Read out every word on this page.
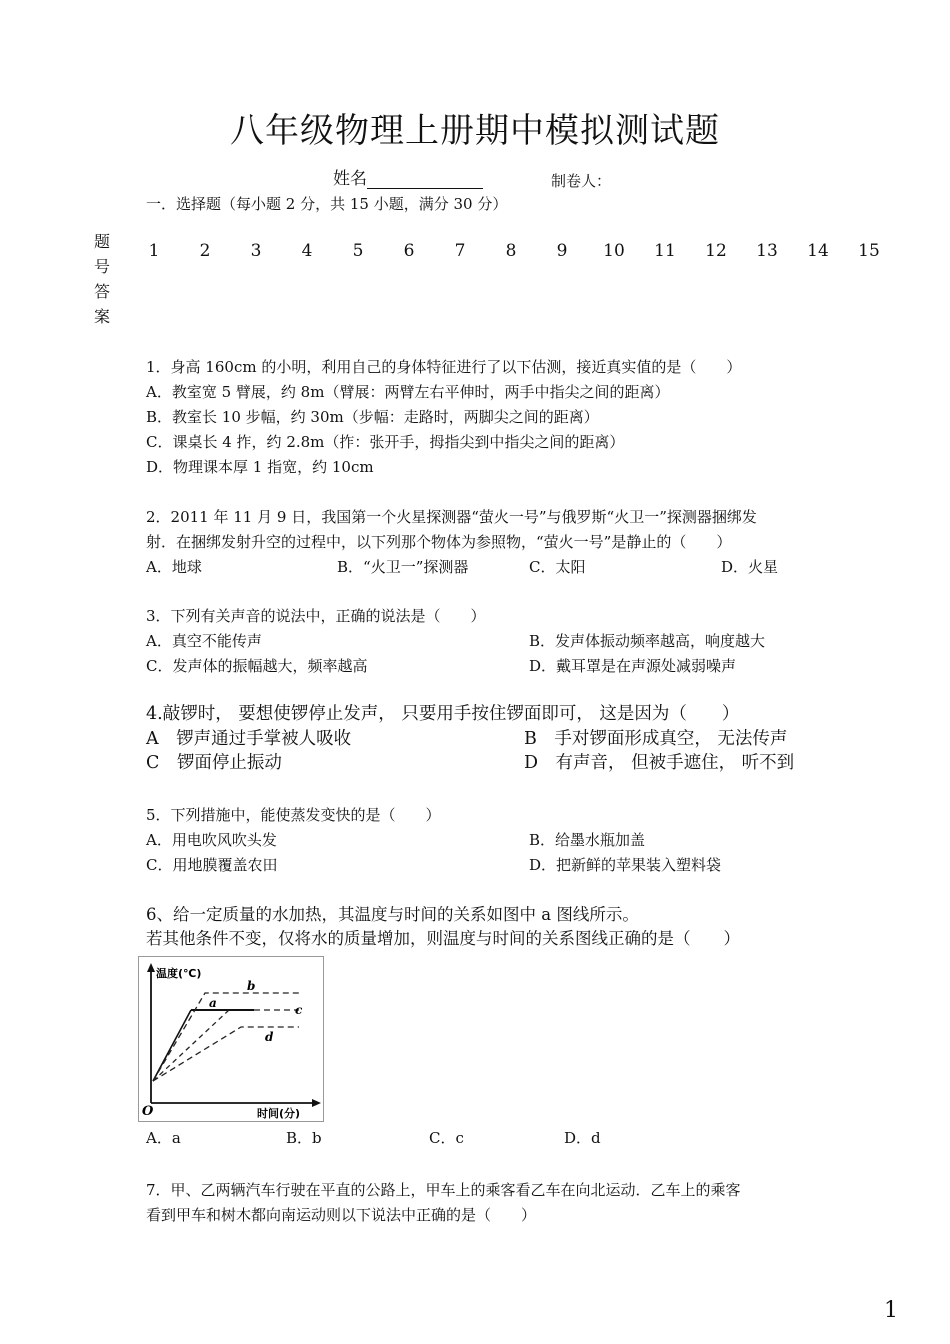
八年级物理上册期中模拟测试题
姓名	制卷人：
一．选择题（每小题 2 分，共 15 小题，满分 30 分）
题
号
答
案
1	2	3	4	5	6	7	8	9	10 11 12 13 14 15
1．身高 160cm 的小明，利用自己的身体特征进行了以下估测，接近真实值的是（　　）
A．教室宽 5 臂展，约 8m（臂展：两臂左右平伸时，两手中指尖之间的距离）
B．教室长 10 步幅，约 30m（步幅：走路时，两脚尖之间的距离）
C．课桌长 4 拃，约 2.8m（拃：张开手，拇指尖到中指尖之间的距离）
D．物理课本厚 1 指宽，约 10cm
2．2011 年 11 月 9 日，我国第一个火星探测器“萤火一号”与俄罗斯“火卫一”探测器捆绑发
射．在捆绑发射升空的过程中，以下列那个物体为参照物，“萤火一号”是静止的（　　）
A．地球	B．“火卫一”探测器	C．太阳	D．火星
3．下列有关声音的说法中，正确的说法是（　　）
A．真空不能传声	B．发声体振动频率越高，响度越大
C．发声体的振幅越大，频率越高	D．戴耳罩是在声源处减弱噪声
4.敲锣时， 要想使锣停止发声， 只要用手按住锣面即可， 这是因为（　　）
A　锣声通过手掌被人吸收	B　手对锣面形成真空， 无法传声
C　锣面停止振动	D　有声音， 但被手遮住， 听不到
5．下列措施中，能使蒸发变快的是（　　）
A．用电吹风吹头发	B．给墨水瓶加盖
C．用地膜覆盖农田	D．把新鲜的苹果装入塑料袋
6、给一定质量的水加热，其温度与时间的关系如图中 a 图线所示。
若其他条件不变，仅将水的质量增加，则温度与时间的关系图线正确的是（　　）
温度(℃)
时间(分)
O
b
a	c
d
A．a	B．b	C．c	D．d
7．甲、乙两辆汽车行驶在平直的公路上，甲车上的乘客看乙车在向北运动．乙车上的乘客
看到甲车和树木都向南运动则以下说法中正确的是（　　）
1
